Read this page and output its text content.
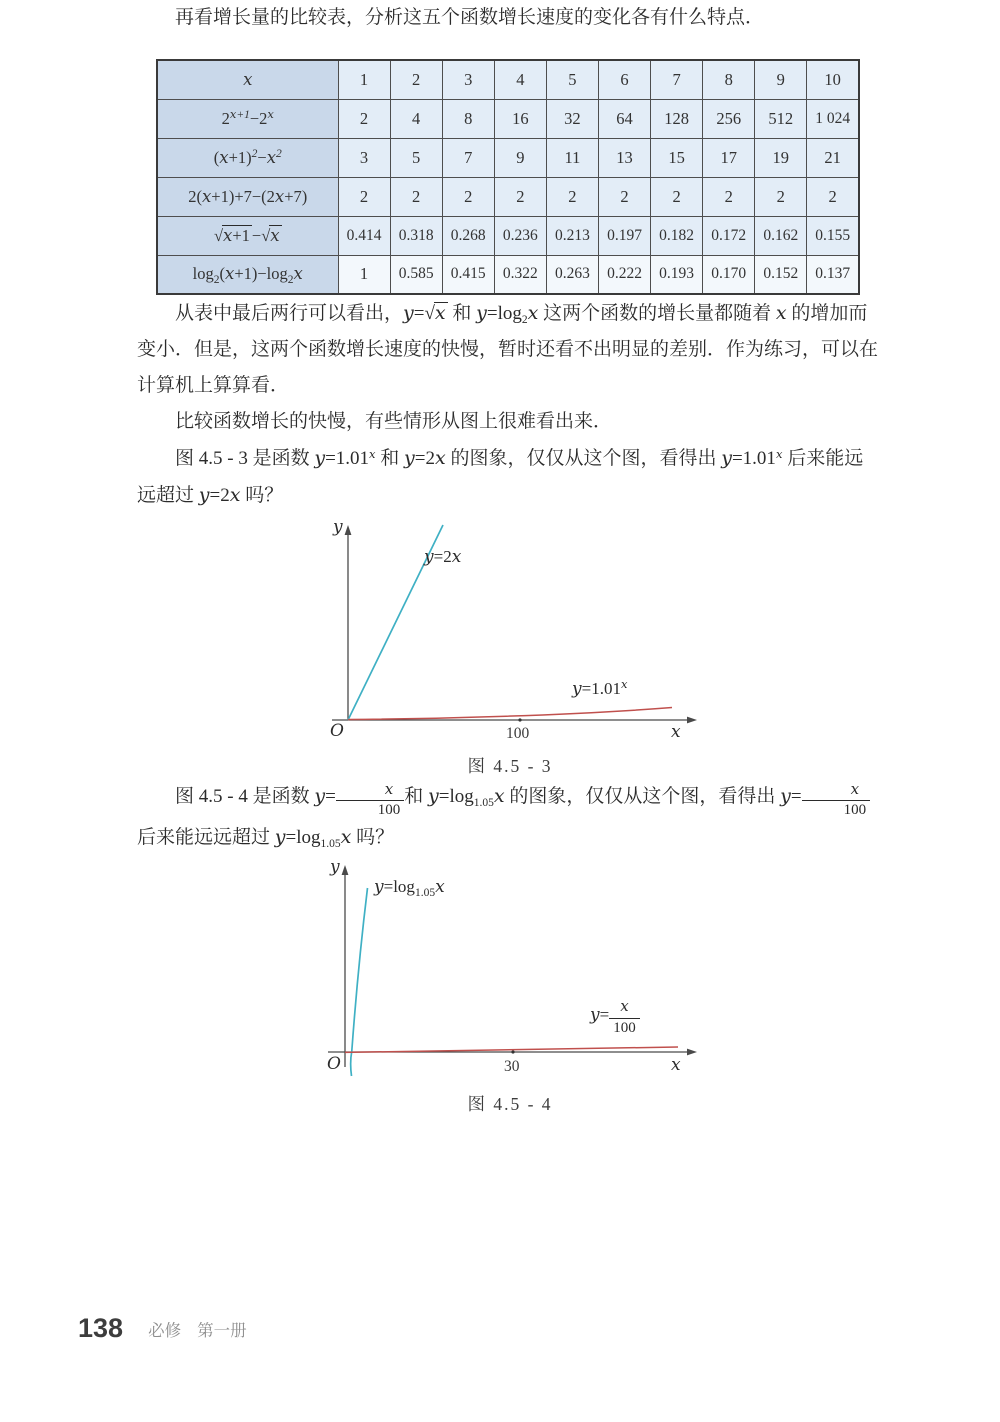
再看增长量的比较表，分析这五个函数增长速度的变化各有什么特点．

x	1	2	3	4	5	6	7	8	9	10
$2^{x+1}-2^x$	2	4	8	16	32	64	128	256	512	1 024
$(x+1)^2-x^2$	3	5	7	9	11	13	15	17	19	21
2(x+1)+7−(2x+7)	2	2	2	2	2	2	2	2	2	2
√x+1 −√x	0.414	0.318	0.268	0.236	0.213	0.197	0.182	0.172	0.162	0.155
$\log_2(x+1)-\log_2x$	1	0.585	0.415	0.322	0.263	0.222	0.193	0.170	0.152	0.137

从表中最后两行可以看出，y=√x 和 $y=\log_2x$ 这两个函数的增长量都随着 x 的增加而变小．但是，这两个函数增长速度的快慢，暂时还看不出明显的差别．作为练习，可以在计算机上算算看．

比较函数增长的快慢，有些情形从图上很难看出来．

图 4.5 - 3 是函数 $y=1.01^x$ 和 y=2x 的图象，仅仅从这个图，看得出 $y=1.01^x$ 后来能远远超过 y=2x 吗？

y
x
O	100
y=2x
$y=1.01^x$
图 4.5 - 3

图 4.5 - 4 是函数 $y= \frac{x}{100}$ 和 $y=\log_{1.05}x$ 的图象，仅仅从这个图，看得出 $y= \frac{x}{100}$
后来能远远超过 $y=\log_{1.05}x$ 吗？

y
x
O	30
$y=\log_{1.05}x$
$y= \frac{x}{100}$
图 4.5 - 4
138 必修 第一册
